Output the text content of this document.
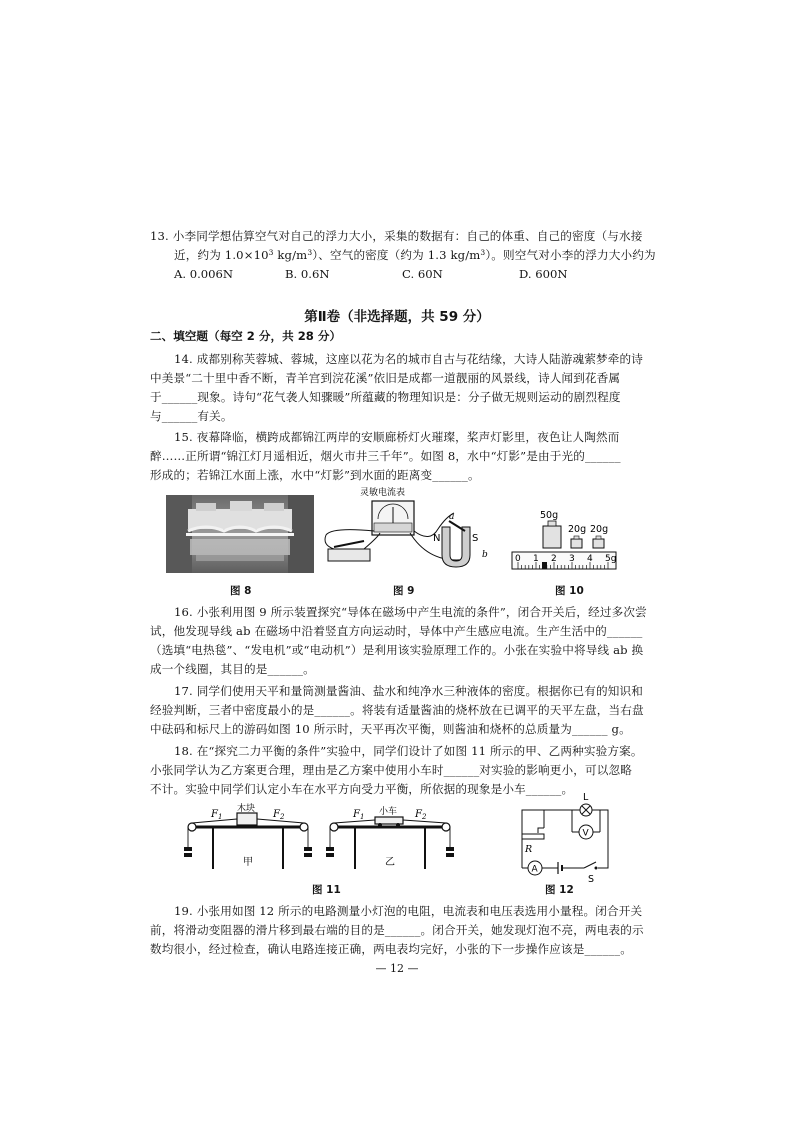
13. 小李同学想估算空气对自己的浮力大小，采集的数据有：自己的体重、自己的密度（与水接
近，约为 $1.0\times 10^3$ $kg/m^3$）、空气的密度（约为 1.3 $kg/m^3$）。则空气对小李的浮力大小约为
A. 0.006N	B. 0.6N	C. 60N	D. 600N
第Ⅱ卷（非选择题，共 59 分）
二、填空题（每空 2 分，共 28 分）
14. 成都别称芙蓉城、蓉城，这座以花为名的城市自古与花结缘，大诗人陆游魂萦梦牵的诗
中美景“二十里中香不断，青羊宫到浣花溪”依旧是成都一道靓丽的风景线，诗人闻到花香属
于______现象。诗句“花气袭人知骤暖”所蕴藏的物理知识是：分子做无规则运动的剧烈程度
与______有关。
15. 夜幕降临，横跨成都锦江两岸的安顺廊桥灯火璀璨，桨声灯影里，夜色让人陶然而
醉……正所谓“锦江灯月遥相近，烟火市井三千年”。如图 8，水中“灯影”是由于光的______
形成的；若锦江水面上涨，水中“灯影”到水面的距离变______。
图 8
灵敏电流表
a
b
N	S
图 9
50g
20g 20g
0 1 2 3 4 5g
图 10
16. 小张利用图 9 所示装置探究“导体在磁场中产生电流的条件”，闭合开关后，经过多次尝
试，他发现导线 ab 在磁场中沿着竖直方向运动时，导体中产生感应电流。生产生活中的______
（选填“电热毯”、“发电机”或“电动机”）是利用该实验原理工作的。小张在实验中将导线 ab 换
成一个线圈，其目的是______。
17. 同学们使用天平和量筒测量酱油、盐水和纯净水三种液体的密度。根据你已有的知识和
经验判断，三者中密度最小的是______。将装有适量酱油的烧杯放在已调平的天平左盘，当右盘
中砝码和标尺上的游码如图 10 所示时，天平再次平衡，则酱油和烧杯的总质量为______ g。
18. 在“探究二力平衡的条件”实验中，同学们设计了如图 11 所示的甲、乙两种实验方案。
小张同学认为乙方案更合理，理由是乙方案中使用小车时______对实验的影响更小，可以忽略
不计。实验中同学们认定小车在水平方向受力平衡，所依据的现象是小车______。
木块
$F_1$	$F_2$
甲
小车
$F_1$	$F_2$
乙
图 11
L
V
R
A
S
图 12
19. 小张用如图 12 所示的电路测量小灯泡的电阻，电流表和电压表选用小量程。闭合开关
前，将滑动变阻器的滑片移到最右端的目的是______。闭合开关，她发现灯泡不亮，两电表的示
数均很小，经过检查，确认电路连接正确，两电表均完好，小张的下一步操作应该是______。
— 12 —
